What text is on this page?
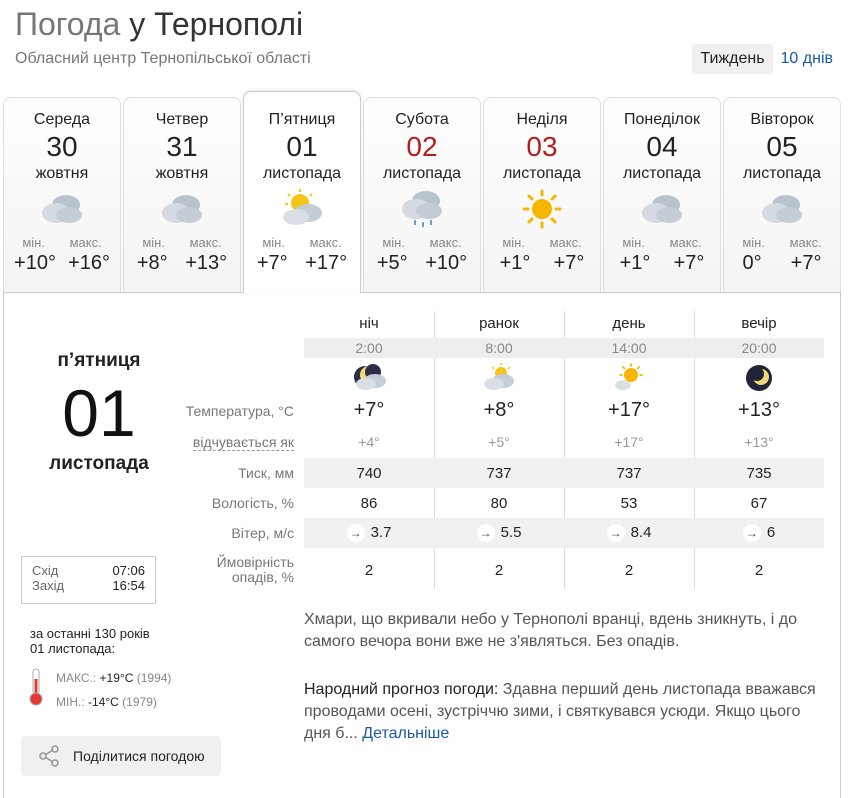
Погода у Тернополі
Обласний центр Тернопільської області	Тиждень	10 днів
Середа
30
жовтня
мін. макс.
+10° +16°
Четвер
31
жовтня
мін. макс.
+8° +13°
П’ятниця
01
листопада
мін. макс.
+7° +17°
Субота
02
листопада
мін. макс.
+5° +10°
Неділя
03
листопада
мін. макс.
+1° +7°
Понеділок
04
листопада
мін. макс.
+1° +7°
Вівторок
05
листопада
мін. макс.
0° +7°
п’ятниця
01
листопада
Схід	07:06
Захід	16:54
за останні 130 років
01 листопада:
МАКС.: +19°C (1994)
МІН.: -14°C (1979)
Поділитися погодою
ніч	ранок	день	вечір
2:00	8:00	14:00	20:00
Температура, °C	+7°	+8°	+17°	+13°
відчувається як	+4°	+5°	+17°	+13°
Тиск, мм	740	737	737	735
Вологість, %	86	80	53	67
Вітер, м/с	→ 3.7	→ 5.5	→ 8.4	→ 6
Ймовірність
опадів, %	2	2	2	2
Хмари, що вкривали небо у Тернополі вранці, вдень зникнуть, і до самого вечора вони вже не з'являться. Без опадів.
Народний прогноз погоди: Здавна перший день листопада вважався проводами осені, зустріччю зими, і святкувався усюди. Якщо цього дня б... Детальніше
